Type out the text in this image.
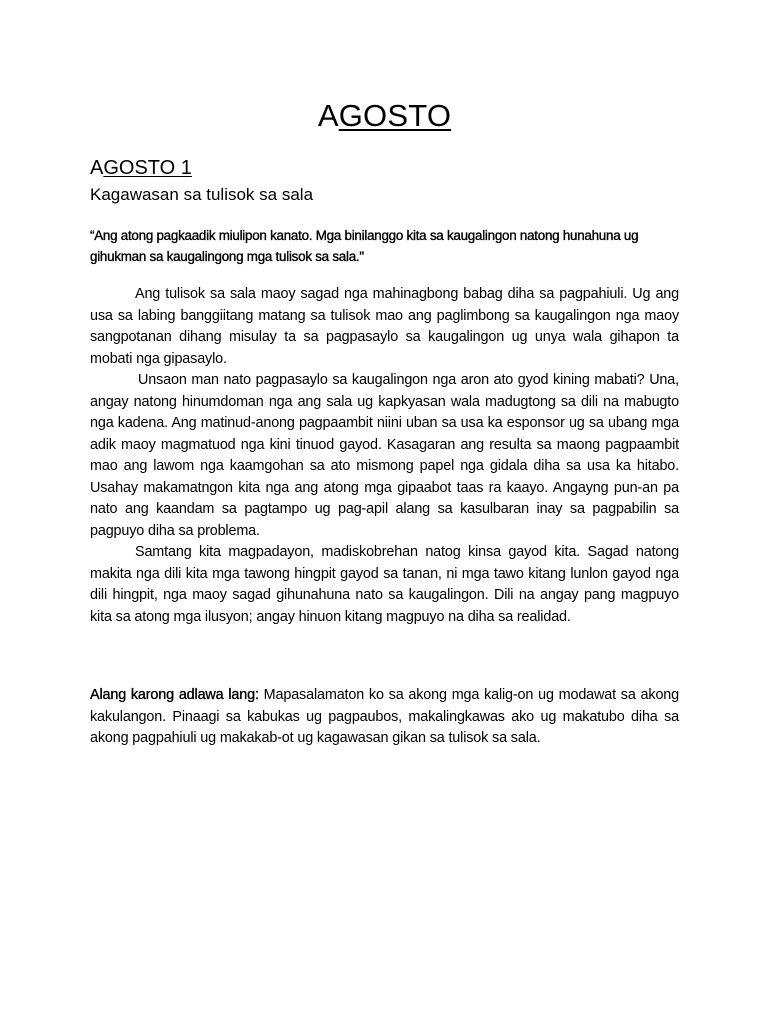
AGOSTO
AGOSTO 1
Kagawasan sa tulisok sa sala
“Ang atong pagkaadik miulipon kanato. Mga binilanggo kita sa kaugalingon natong hunahuna ug gihukman sa kaugalingong mga tulisok sa sala."

Ang tulisok sa sala maoy sagad nga mahinagbong babag diha sa pagpahiuli. Ug ang usa sa labing banggiitang matang sa tulisok mao ang paglimbong sa kaugalingon nga maoy sangpotanan dihang misulay ta sa pagpasaylo sa kaugalingon ug unya wala gihapon ta mobati nga gipasaylo.

Unsaon man nato pagpasaylo sa kaugalingon nga aron ato gyod kining mabati? Una, angay natong hinumdoman nga ang sala ug kapkyasan wala madugtong sa dili na mabugto nga kadena. Ang matinud-anong pagpaambit niini uban sa usa ka esponsor ug sa ubang mga adik maoy magmatuod nga kini tinuod gayod. Kasagaran ang resulta sa maong pagpaambit mao ang lawom nga kaamgohan sa ato mismong papel nga gidala diha sa usa ka hitabo. Usahay makamatngon kita nga ang atong mga gipaabot taas ra kaayo. Angayng pun-an pa nato ang kaandam sa pagtampo ug pag-apil alang sa kasulbaran inay sa pagpabilin sa pagpuyo diha sa problema.

Samtang kita magpadayon, madiskobrehan natog kinsa gayod kita. Sagad natong makita nga dili kita mga tawong hingpit gayod sa tanan, ni mga tawo kitang lunlon gayod nga dili hingpit, nga maoy sagad gihunahuna nato sa kaugalingon. Dili na angay pang magpuyo kita sa atong mga ilusyon; angay hinuon kitang magpuyo na diha sa realidad.

Alang karong adlawa lang: Mapasalamaton ko sa akong mga kalig-on ug modawat sa akong kakulangon. Pinaagi sa kabukas ug pagpaubos, makalingkawas ako ug makatubo diha sa akong pagpahiuli ug makakab-ot ug kagawasan gikan sa tulisok sa sala.
